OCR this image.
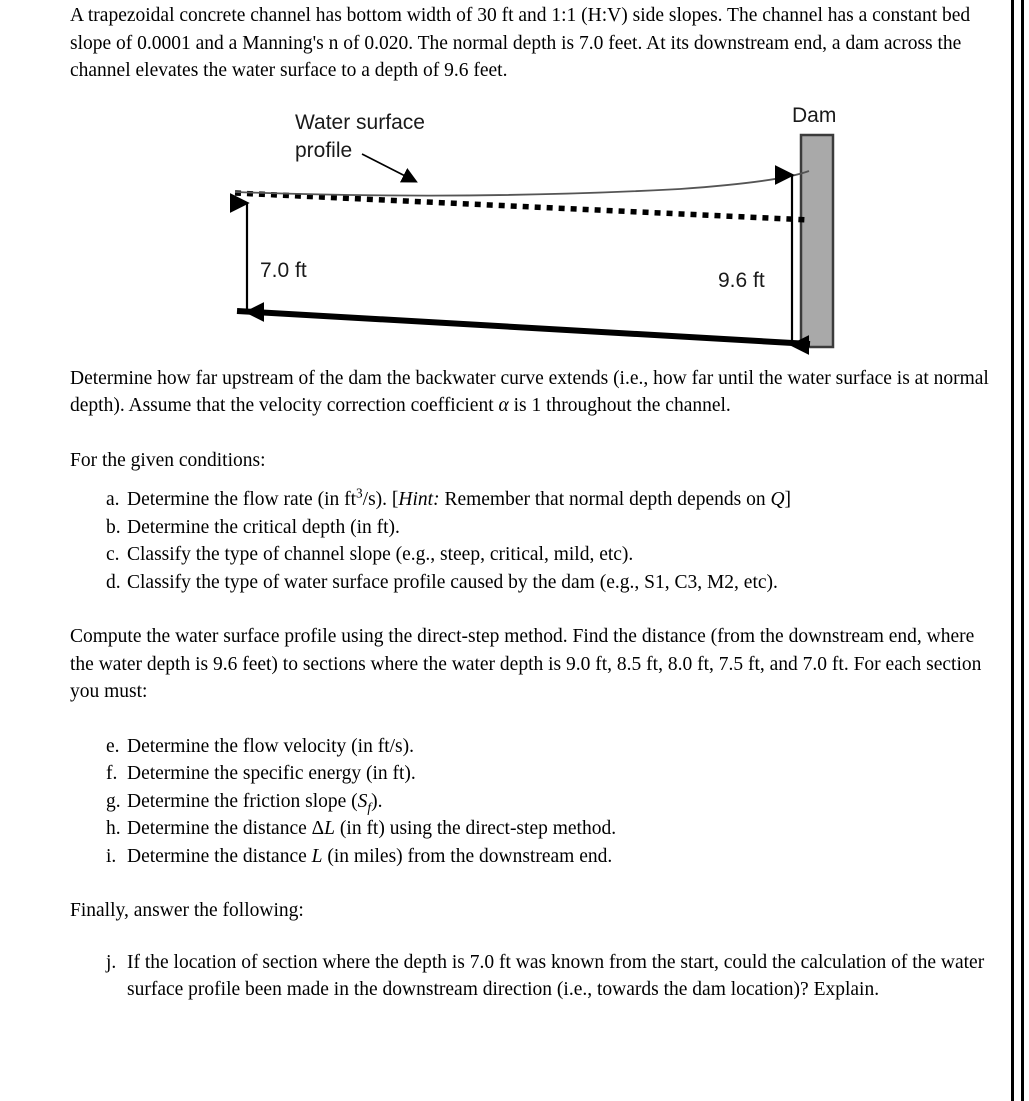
A trapezoidal concrete channel has bottom width of 30 ft and 1:1 (H:V) side slopes. The channel has a constant bed slope of 0.0001 and a Manning's n of 0.020. The normal depth is 7.0 feet. At its downstream end, a dam across the channel elevates the water surface to a depth of 9.6 feet.

Water surface
profile
Dam
7.0 ft	9.6 ft

Determine how far upstream of the dam the backwater curve extends (i.e., how far until the water surface is at normal depth). Assume that the velocity correction coefficient α is 1 throughout the channel.

For the given conditions:

a. Determine the flow rate (in $ft^3/s$). [Hint: Remember that normal depth depends on Q]
b. Determine the critical depth (in ft).
c. Classify the type of channel slope (e.g., steep, critical, mild, etc).
d. Classify the type of water surface profile caused by the dam (e.g., S1, C3, M2, etc).

Compute the water surface profile using the direct-step method. Find the distance (from the downstream end, where the water depth is 9.6 feet) to sections where the water depth is 9.0 ft, 8.5 ft, 8.0 ft, 7.5 ft, and 7.0 ft. For each section you must:

e. Determine the flow velocity (in ft/s).
f. Determine the specific energy (in ft).
g. Determine the friction slope $(S_f)$.
h. Determine the distance ΔL (in ft) using the direct-step method.
i. Determine the distance L (in miles) from the downstream end.

Finally, answer the following:

j. If the location of section where the depth is 7.0 ft was known from the start, could the calculation of the water surface profile been made in the downstream direction (i.e., towards the dam location)? Explain.
